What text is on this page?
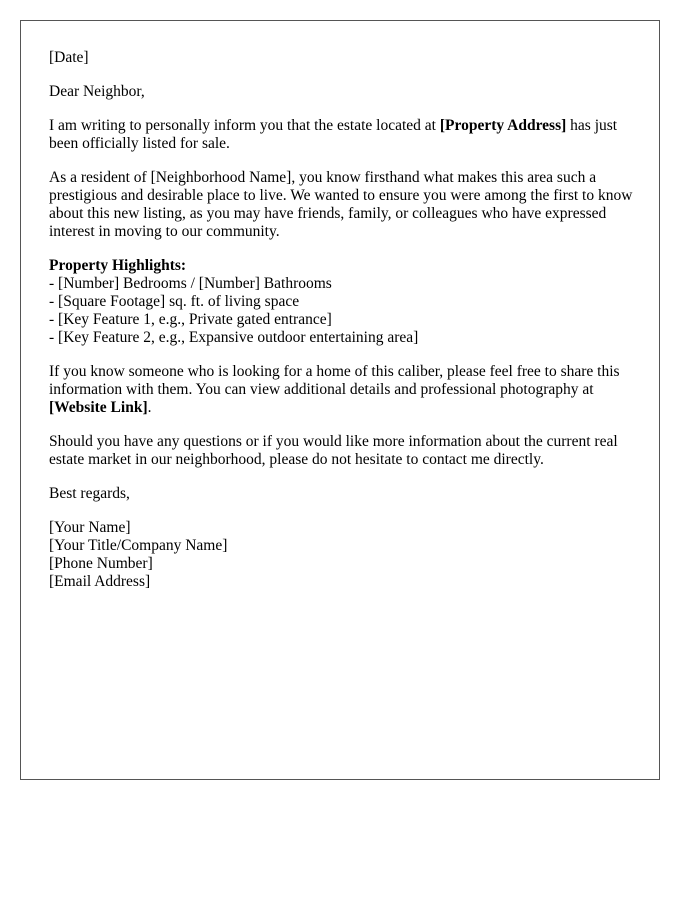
[Date]

Dear Neighbor,

I am writing to personally inform you that the estate located at [Property Address] has just been officially listed for sale.

As a resident of [Neighborhood Name], you know firsthand what makes this area such a prestigious and desirable place to live. We wanted to ensure you were among the first to know about this new listing, as you may have friends, family, or colleagues who have expressed interest in moving to our community.

Property Highlights:
- [Number] Bedrooms / [Number] Bathrooms
- [Square Footage] sq. ft. of living space
- [Key Feature 1, e.g., Private gated entrance]
- [Key Feature 2, e.g., Expansive outdoor entertaining area]

If you know someone who is looking for a home of this caliber, please feel free to share this information with them. You can view additional details and professional photography at [Website Link].

Should you have any questions or if you would like more information about the current real estate market in our neighborhood, please do not hesitate to contact me directly.

Best regards,

[Your Name]
[Your Title/Company Name]
[Phone Number]
[Email Address]
